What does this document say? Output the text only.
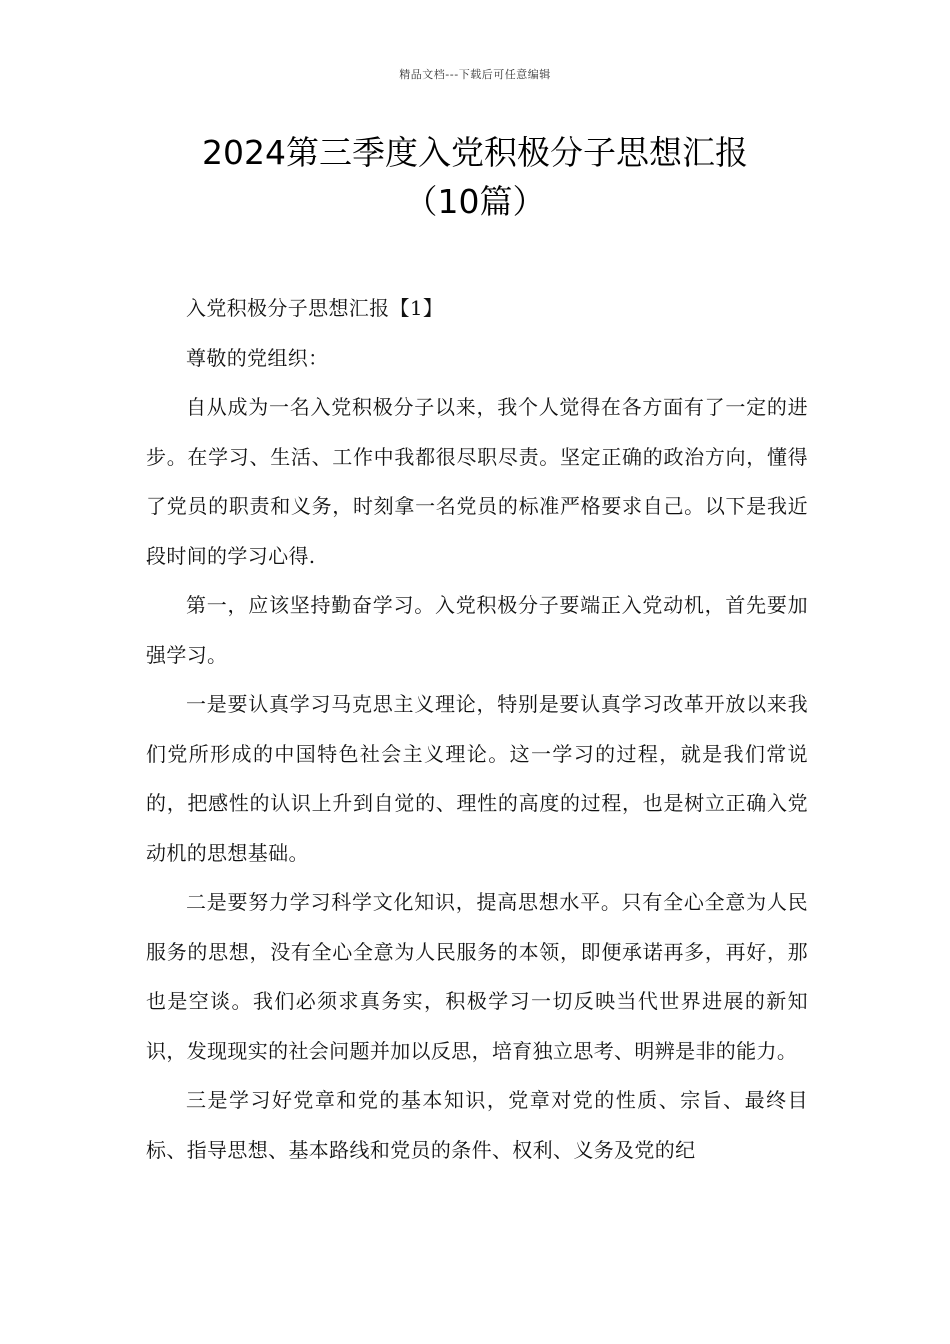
精品文档---下载后可任意编辑
2024第三季度入党积极分子思想汇报
（10篇）

入党积极分子思想汇报【1】

尊敬的党组织：

自从成为一名入党积极分子以来，我个人觉得在各方面有了一定的进步。在学习、生活、工作中我都很尽职尽责。坚定正确的政治方向，懂得了党员的职责和义务，时刻拿一名党员的标准严格要求自己。以下是我近段时间的学习心得.

第一，应该坚持勤奋学习。入党积极分子要端正入党动机，首先要加强学习。

一是要认真学习马克思主义理论，特别是要认真学习改革开放以来我们党所形成的中国特色社会主义理论。这一学习的过程，就是我们常说的，把感性的认识上升到自觉的、理性的高度的过程，也是树立正确入党动机的思想基础。

二是要努力学习科学文化知识，提高思想水平。只有全心全意为人民服务的思想，没有全心全意为人民服务的本领，即便承诺再多，再好，那也是空谈。我们必须求真务实，积极学习一切反映当代世界进展的新知识，发现现实的社会问题并加以反思，培育独立思考、明辨是非的能力。

三是学习好党章和党的基本知识，党章对党的性质、宗旨、最终目标、指导思想、基本路线和党员的条件、权利、义务及党的纪
